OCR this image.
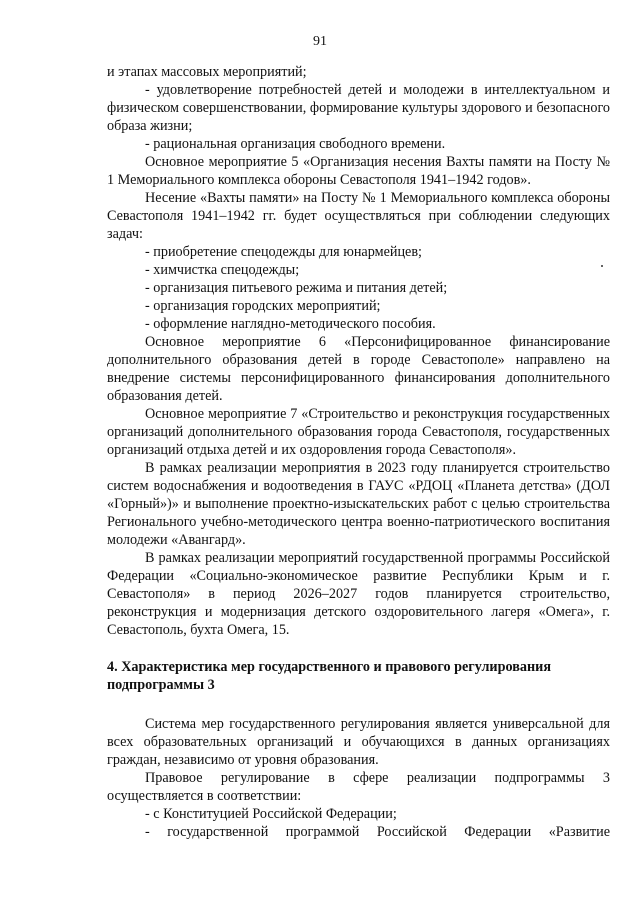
91

и этапах массовых мероприятий;

- удовлетворение потребностей детей и молодежи в интеллектуальном и физическом совершенствовании, формирование культуры здорового и безопасного образа жизни;

- рациональная организация свободного времени.

Основное мероприятие 5 «Организация несения Вахты памяти на Посту № 1 Мемориального комплекса обороны Севастополя 1941–1942 годов».

Несение «Вахты памяти» на Посту № 1 Мемориального комплекса обороны Севастополя 1941–1942 гг. будет осуществляться при соблюдении следующих задач:

- приобретение спецодежды для юнармейцев;

- химчистка спецодежды;

- организация питьевого режима и питания детей;

- организация городских мероприятий;

- оформление наглядно-методического пособия.

Основное мероприятие 6 «Персонифицированное финансирование дополнительного образования детей в городе Севастополе» направлено на внедрение системы персонифицированного финансирования дополнительного образования детей.

Основное мероприятие 7 «Строительство и реконструкция государственных организаций дополнительного образования города Севастополя, государственных организаций отдыха детей и их оздоровления города Севастополя».

В рамках реализации мероприятия в 2023 году планируется строительство систем водоснабжения и водоотведения в ГАУС «РДОЦ «Планета детства» (ДОЛ «Горный»)» и выполнение проектно-изыскательских работ с целью строительства Регионального учебно-методического центра военно-патриотического воспитания молодежи «Авангард».

В рамках реализации мероприятий государственной программы Российской Федерации «Социально-экономическое развитие Республики Крым и г. Севастополя» в период 2026–2027 годов планируется строительство, реконструкция и модернизация детского оздоровительного лагеря «Омега», г. Севастополь, бухта Омега, 15.

4. Характеристика мер государственного и правового регулирования
подпрограммы 3

Система мер государственного регулирования является универсальной для всех образовательных организаций и обучающихся в данных организациях граждан, независимо от уровня образования.

Правовое регулирование в сфере реализации подпрограммы 3 осуществляется в соответствии:

- с Конституцией Российской Федерации;

- государственной программой Российской Федерации «Развитие
